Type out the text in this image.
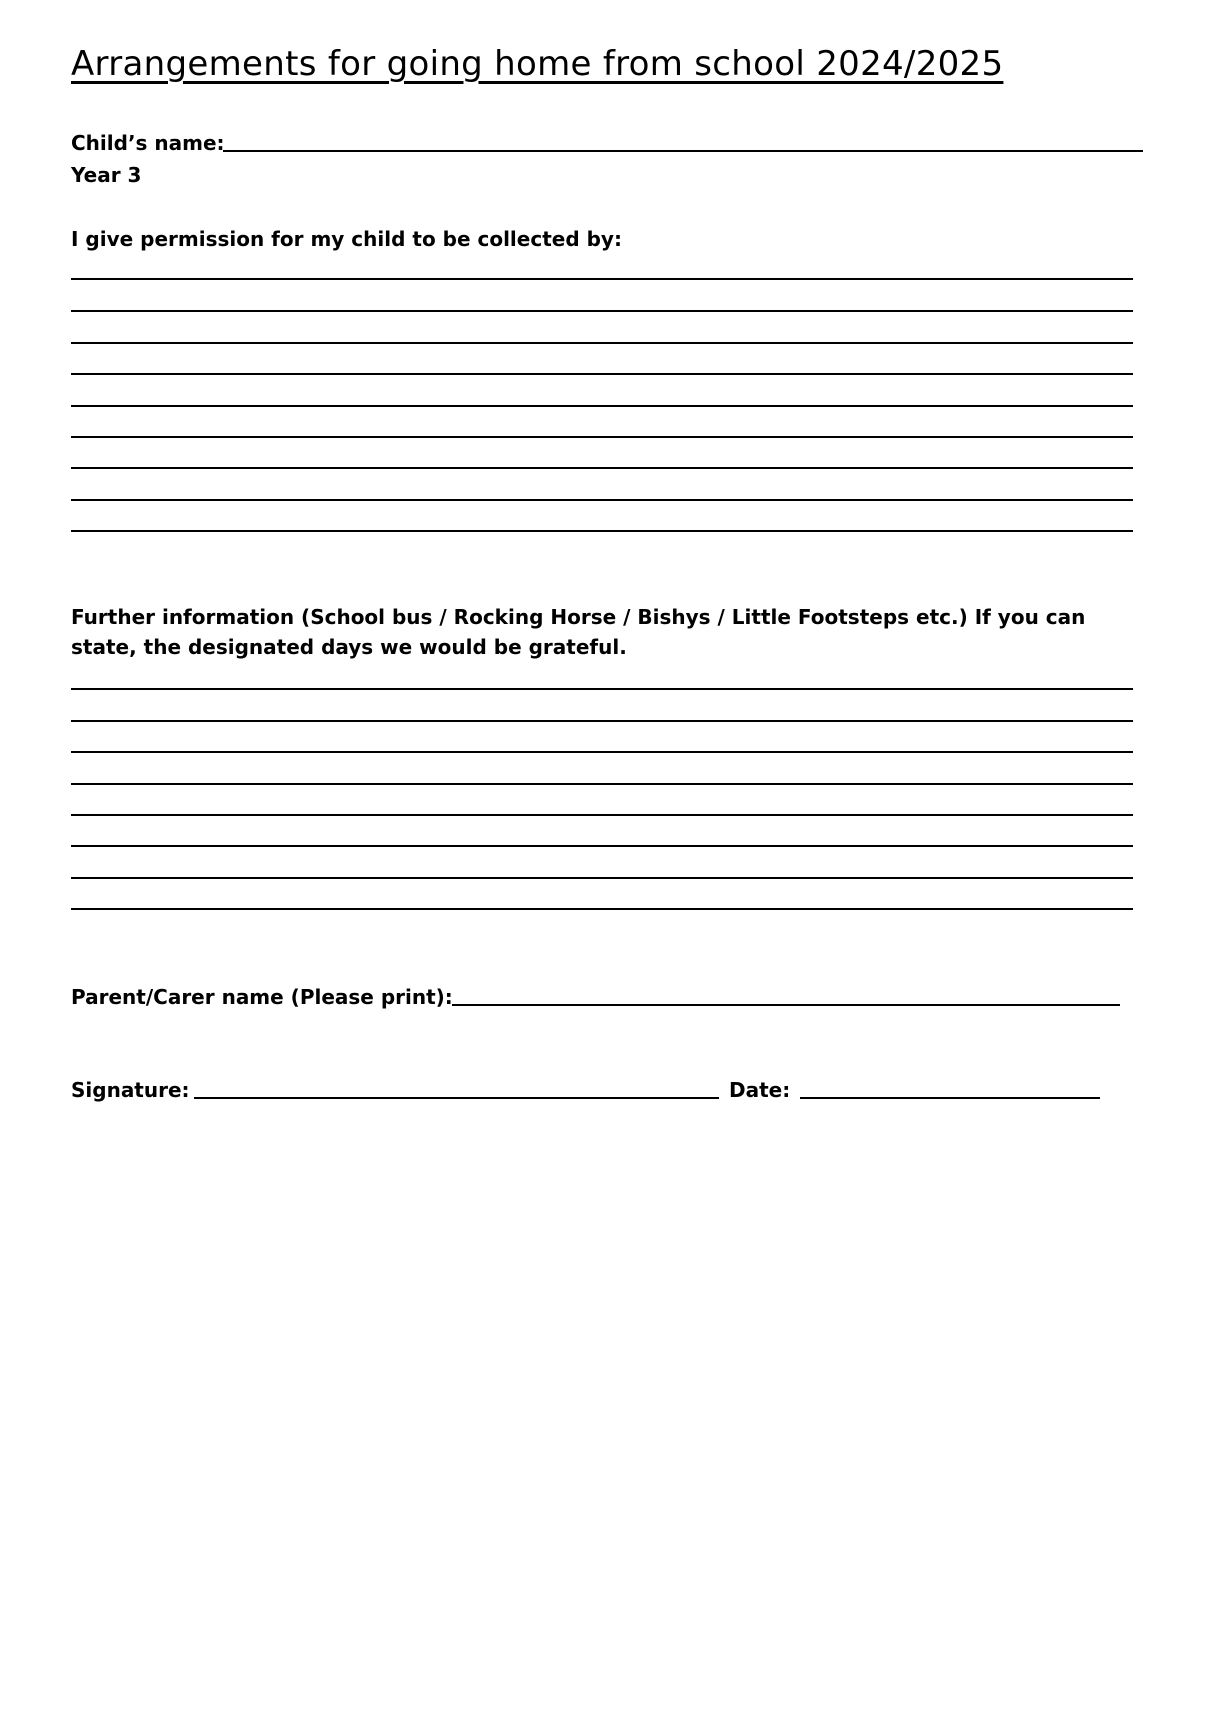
Arrangements for going home from school 2024/2025
Child’s name:
Year 3
I give permission for my child to be collected by:

Further information (School bus / Rocking Horse / Bishys / Little Footsteps etc.) If you can state, the designated days we would be grateful.

Parent/Carer name (Please print):
Signature:	Date:
